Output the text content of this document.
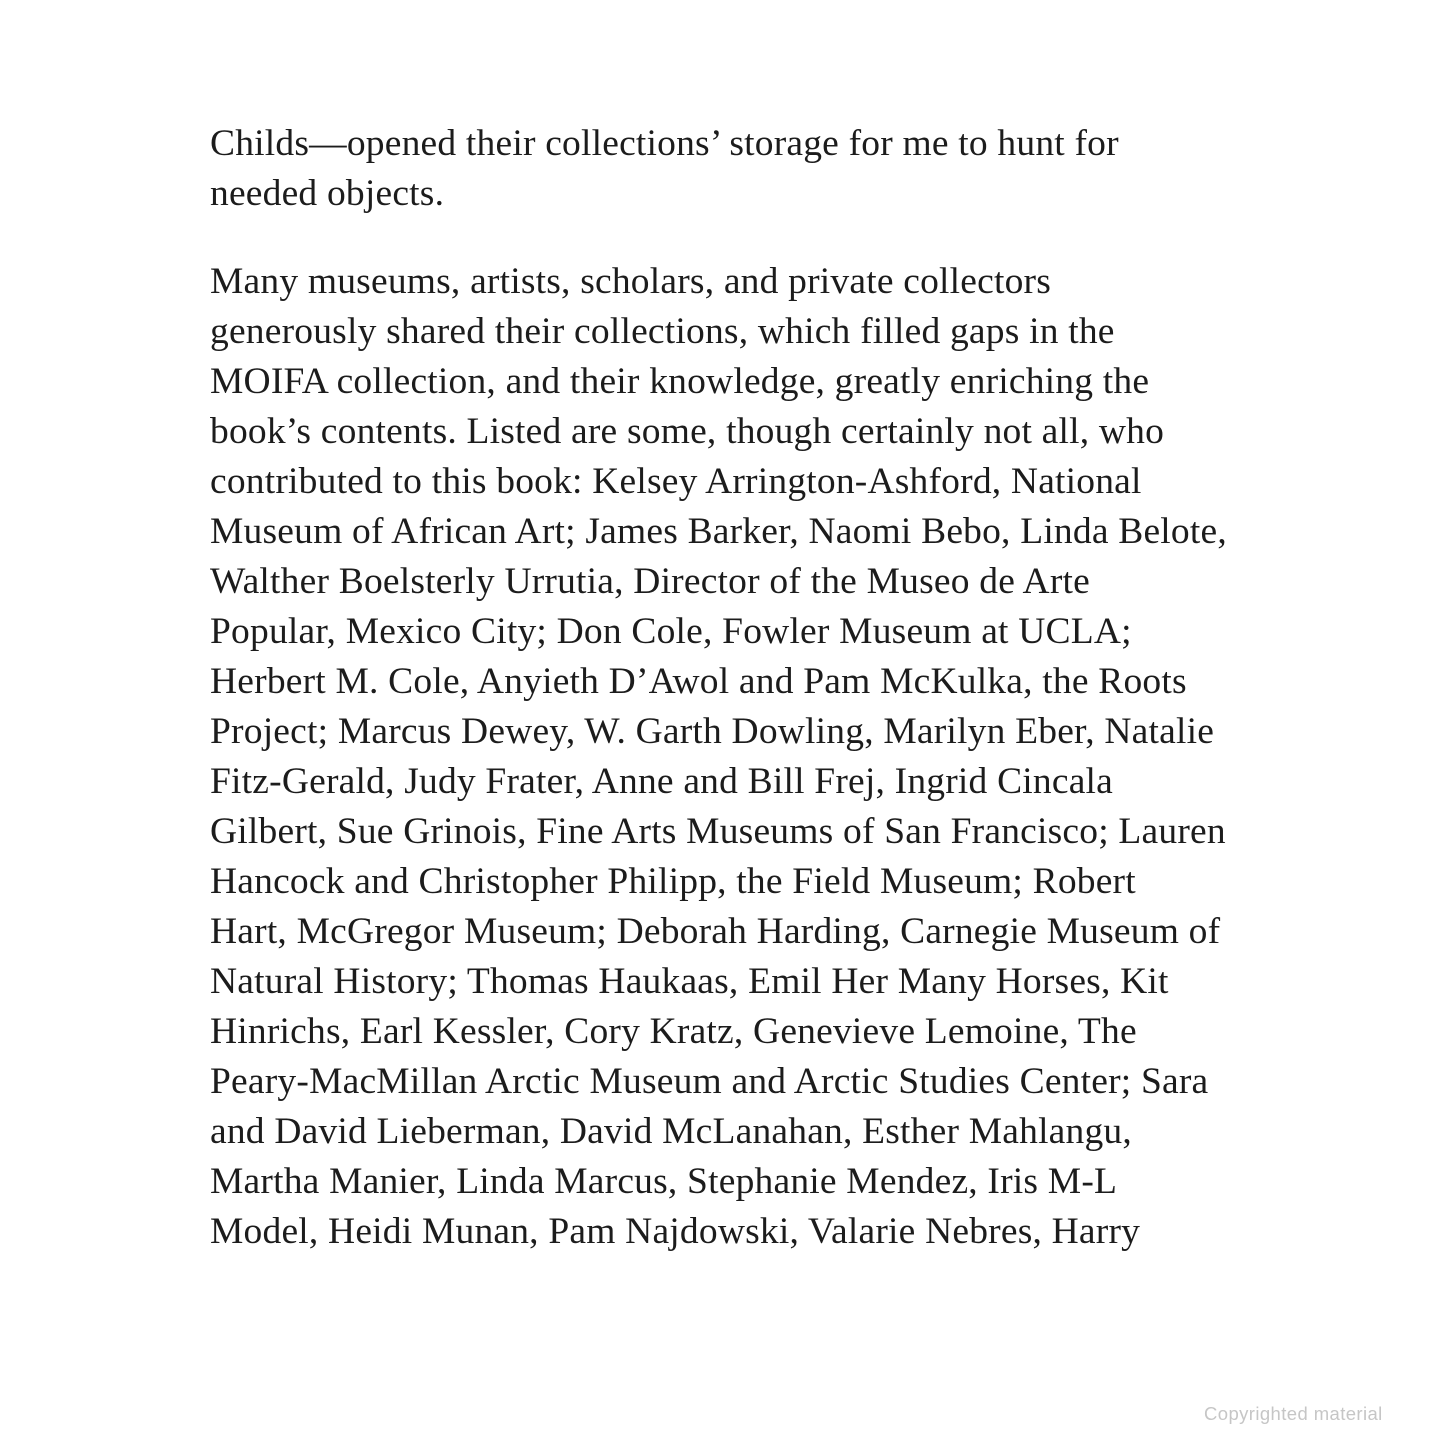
Childs—opened their collections’ storage for me to hunt for
needed objects.
Many museums, artists, scholars, and private collectors
generously shared their collections, which filled gaps in the
MOIFA collection, and their knowledge, greatly enriching the
book’s contents. Listed are some, though certainly not all, who
contributed to this book: Kelsey Arrington-Ashford, National
Museum of African Art; James Barker, Naomi Bebo, Linda Belote,
Walther Boelsterly Urrutia, Director of the Museo de Arte
Popular, Mexico City; Don Cole, Fowler Museum at UCLA;
Herbert M. Cole, Anyieth D’Awol and Pam McKulka, the Roots
Project; Marcus Dewey, W. Garth Dowling, Marilyn Eber, Natalie
Fitz-Gerald, Judy Frater, Anne and Bill Frej, Ingrid Cincala
Gilbert, Sue Grinois, Fine Arts Museums of San Francisco; Lauren
Hancock and Christopher Philipp, the Field Museum; Robert
Hart, McGregor Museum; Deborah Harding, Carnegie Museum of
Natural History; Thomas Haukaas, Emil Her Many Horses, Kit
Hinrichs, Earl Kessler, Cory Kratz, Genevieve Lemoine, The
Peary-MacMillan Arctic Museum and Arctic Studies Center; Sara
and David Lieberman, David McLanahan, Esther Mahlangu,
Martha Manier, Linda Marcus, Stephanie Mendez, Iris M-L
Model, Heidi Munan, Pam Najdowski, Valarie Nebres, Harry
Copyrighted material
